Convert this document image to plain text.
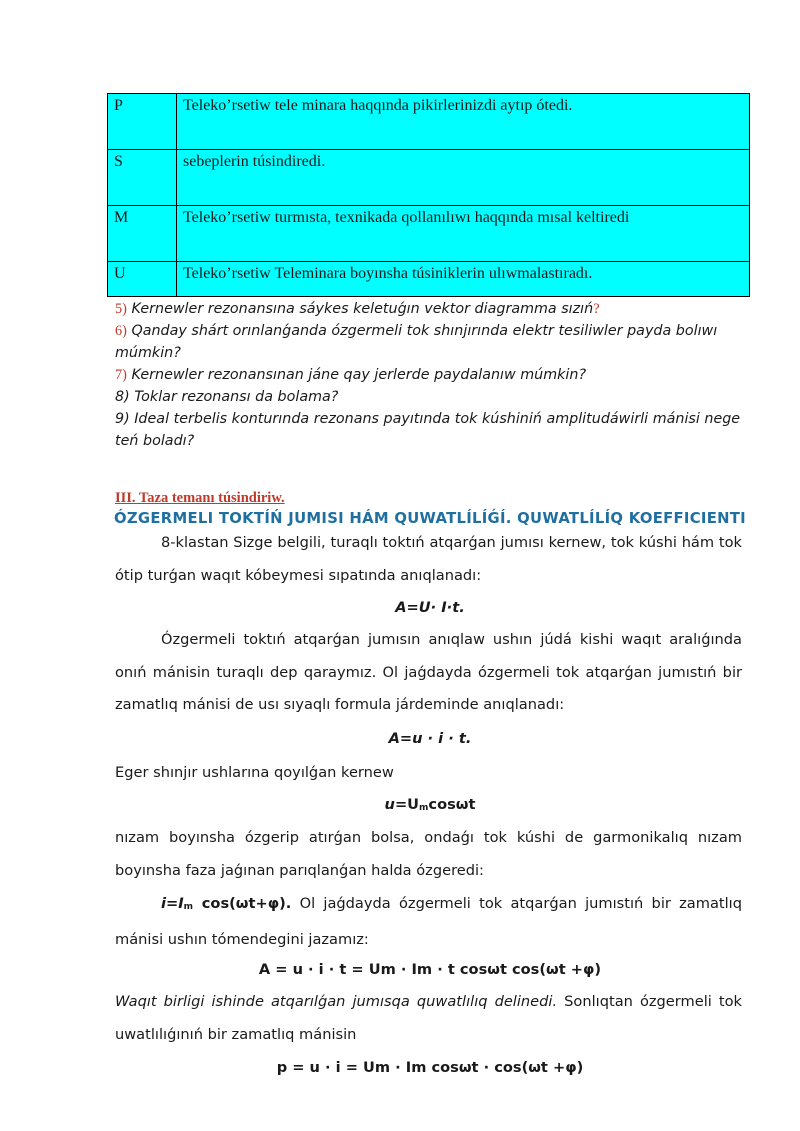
P	Teleko’rsetiw tele minara haqqında pikirlerinizdi aytıp ótedi.
S	sebeplerin túsindiredi.
M	Teleko’rsetiw turmısta, texnikada qollanılıwı haqqında mısal keltiredi
U	Teleko’rsetiw Teleminara boyınsha túsiniklerin ulıwmalastıradı.
5) Kernewler rezonansına sáykes keletuǵın vektor diagramma sızıń?
6) Qanday shárt orınlanǵanda ózgermeli tok shınjırında elektr tesiliwler payda bolıwı múmkin?
7) Kernewler rezonansınan jáne qay jerlerde paydalanıw múmkin?
8) Toklar rezonansı da bolama?
9) Ideal terbelis konturında rezonans payıtında tok kúshiniń amplitudáwirli mánisi nege teń boladı?
III. Taza temanı túsindiriw.
ÓZGERMELI TOKTÍŃ JUMISI HÁM QUWATLÍLÍǴÍ. QUWATLÍLÍQ KOEFFICIENTI
8-klastan Sizge belgili, turaqlı toktıń atqarǵan jumısı kernew, tok kúshi hám tok ótip turǵan waqıt kóbeymesi sıpatında anıqlanadı:
A=U· I·t.
Ózgermeli toktıń atqarǵan jumısın anıqlaw ushın júdá kishi waqıt aralıǵında onıń mánisin turaqlı dep qaraymız. Ol jaǵdayda ózgermeli tok atqarǵan jumıstıń bir zamatlıq mánisi de usı sıyaqlı formula járdeminde anıqlanadı:
A=u · i · t.
Eger shınjır ushlarına qoyılǵan kernew
$u=U_m\cos\omega t$
nızam boyınsha ózgerip atırǵan bolsa, ondaǵı tok kúshi de garmonikalıq nızam boyınsha faza jaǵınan parıqlanǵan halda ózgeredi:
$i=I_m$ cos(ωt+φ). Ol jaǵdayda ózgermeli tok atqarǵan jumıstıń bir zamatlıq mánisi ushın tómendegini jazamız:
A = u · i · t = Um · Im · t cosωt cos(ωt +φ)
Waqıt birligi ishinde atqarılǵan jumısqa quwatlılıq delinedi. Sonlıqtan ózgermeli tok uwatlılıǵınıń bir zamatlıq mánisin
p = u · i = Um · Im cosωt · cos(ωt +φ)
